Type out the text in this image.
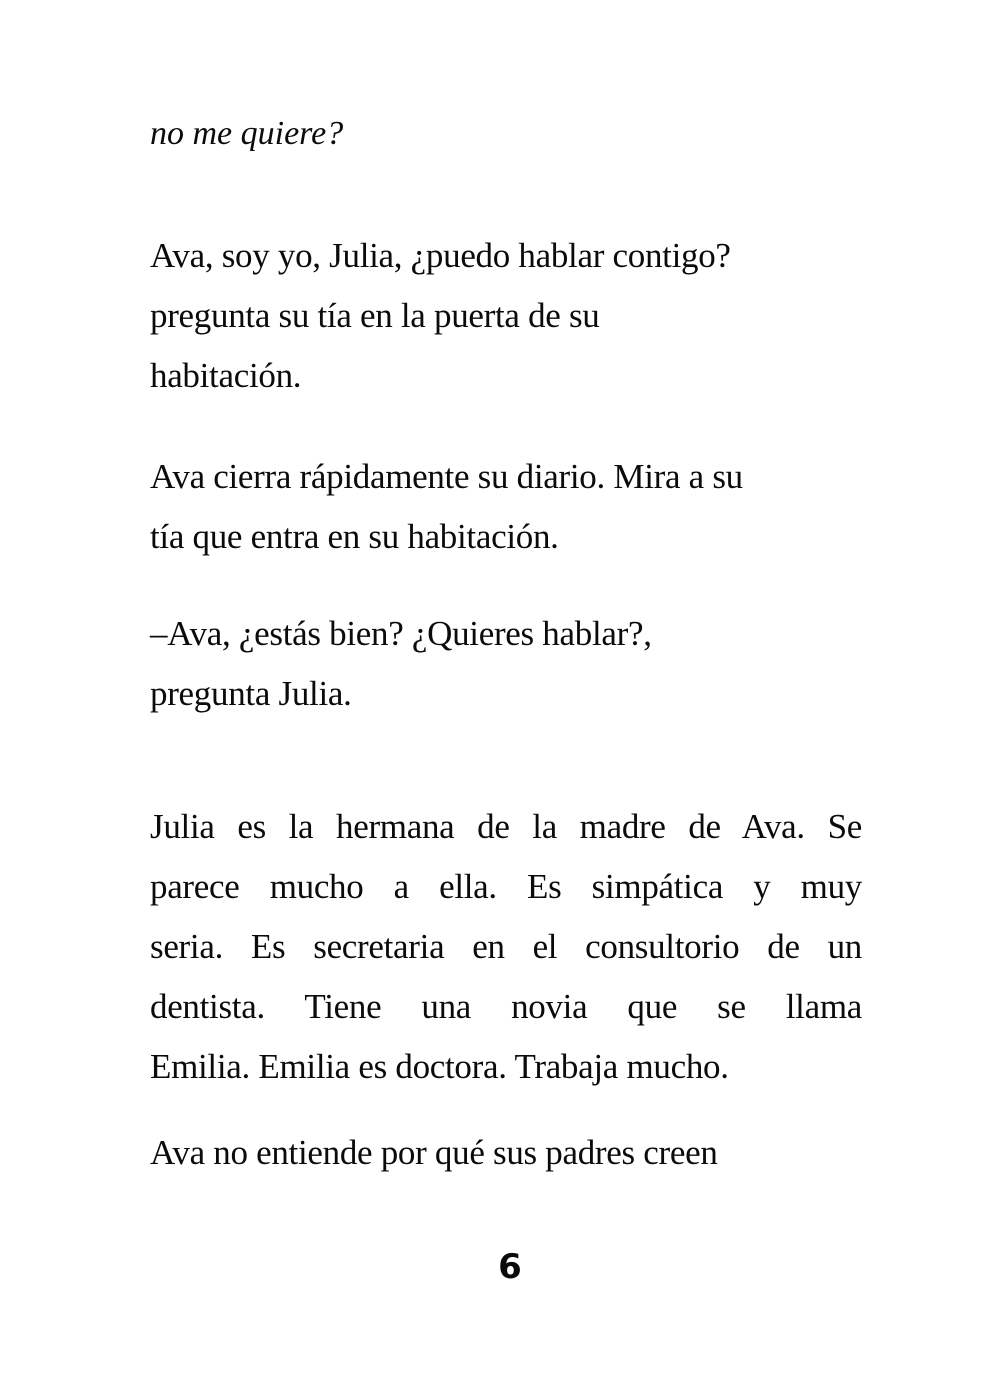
no me quiere?
Ava, soy yo, Julia, ¿puedo hablar contigo?
pregunta su tía en la puerta de su
habitación.
Ava cierra rápidamente su diario. Mira a su
tía que entra en su habitación.
–Ava, ¿estás bien? ¿Quieres hablar?,
pregunta Julia.
Julia es la hermana de la madre de Ava. Se
parece mucho a ella. Es simpática y muy
seria. Es secretaria en el consultorio de un
dentista. Tiene una novia que se llama
Emilia. Emilia es doctora. Trabaja mucho.
Ava no entiende por qué sus padres creen
6
